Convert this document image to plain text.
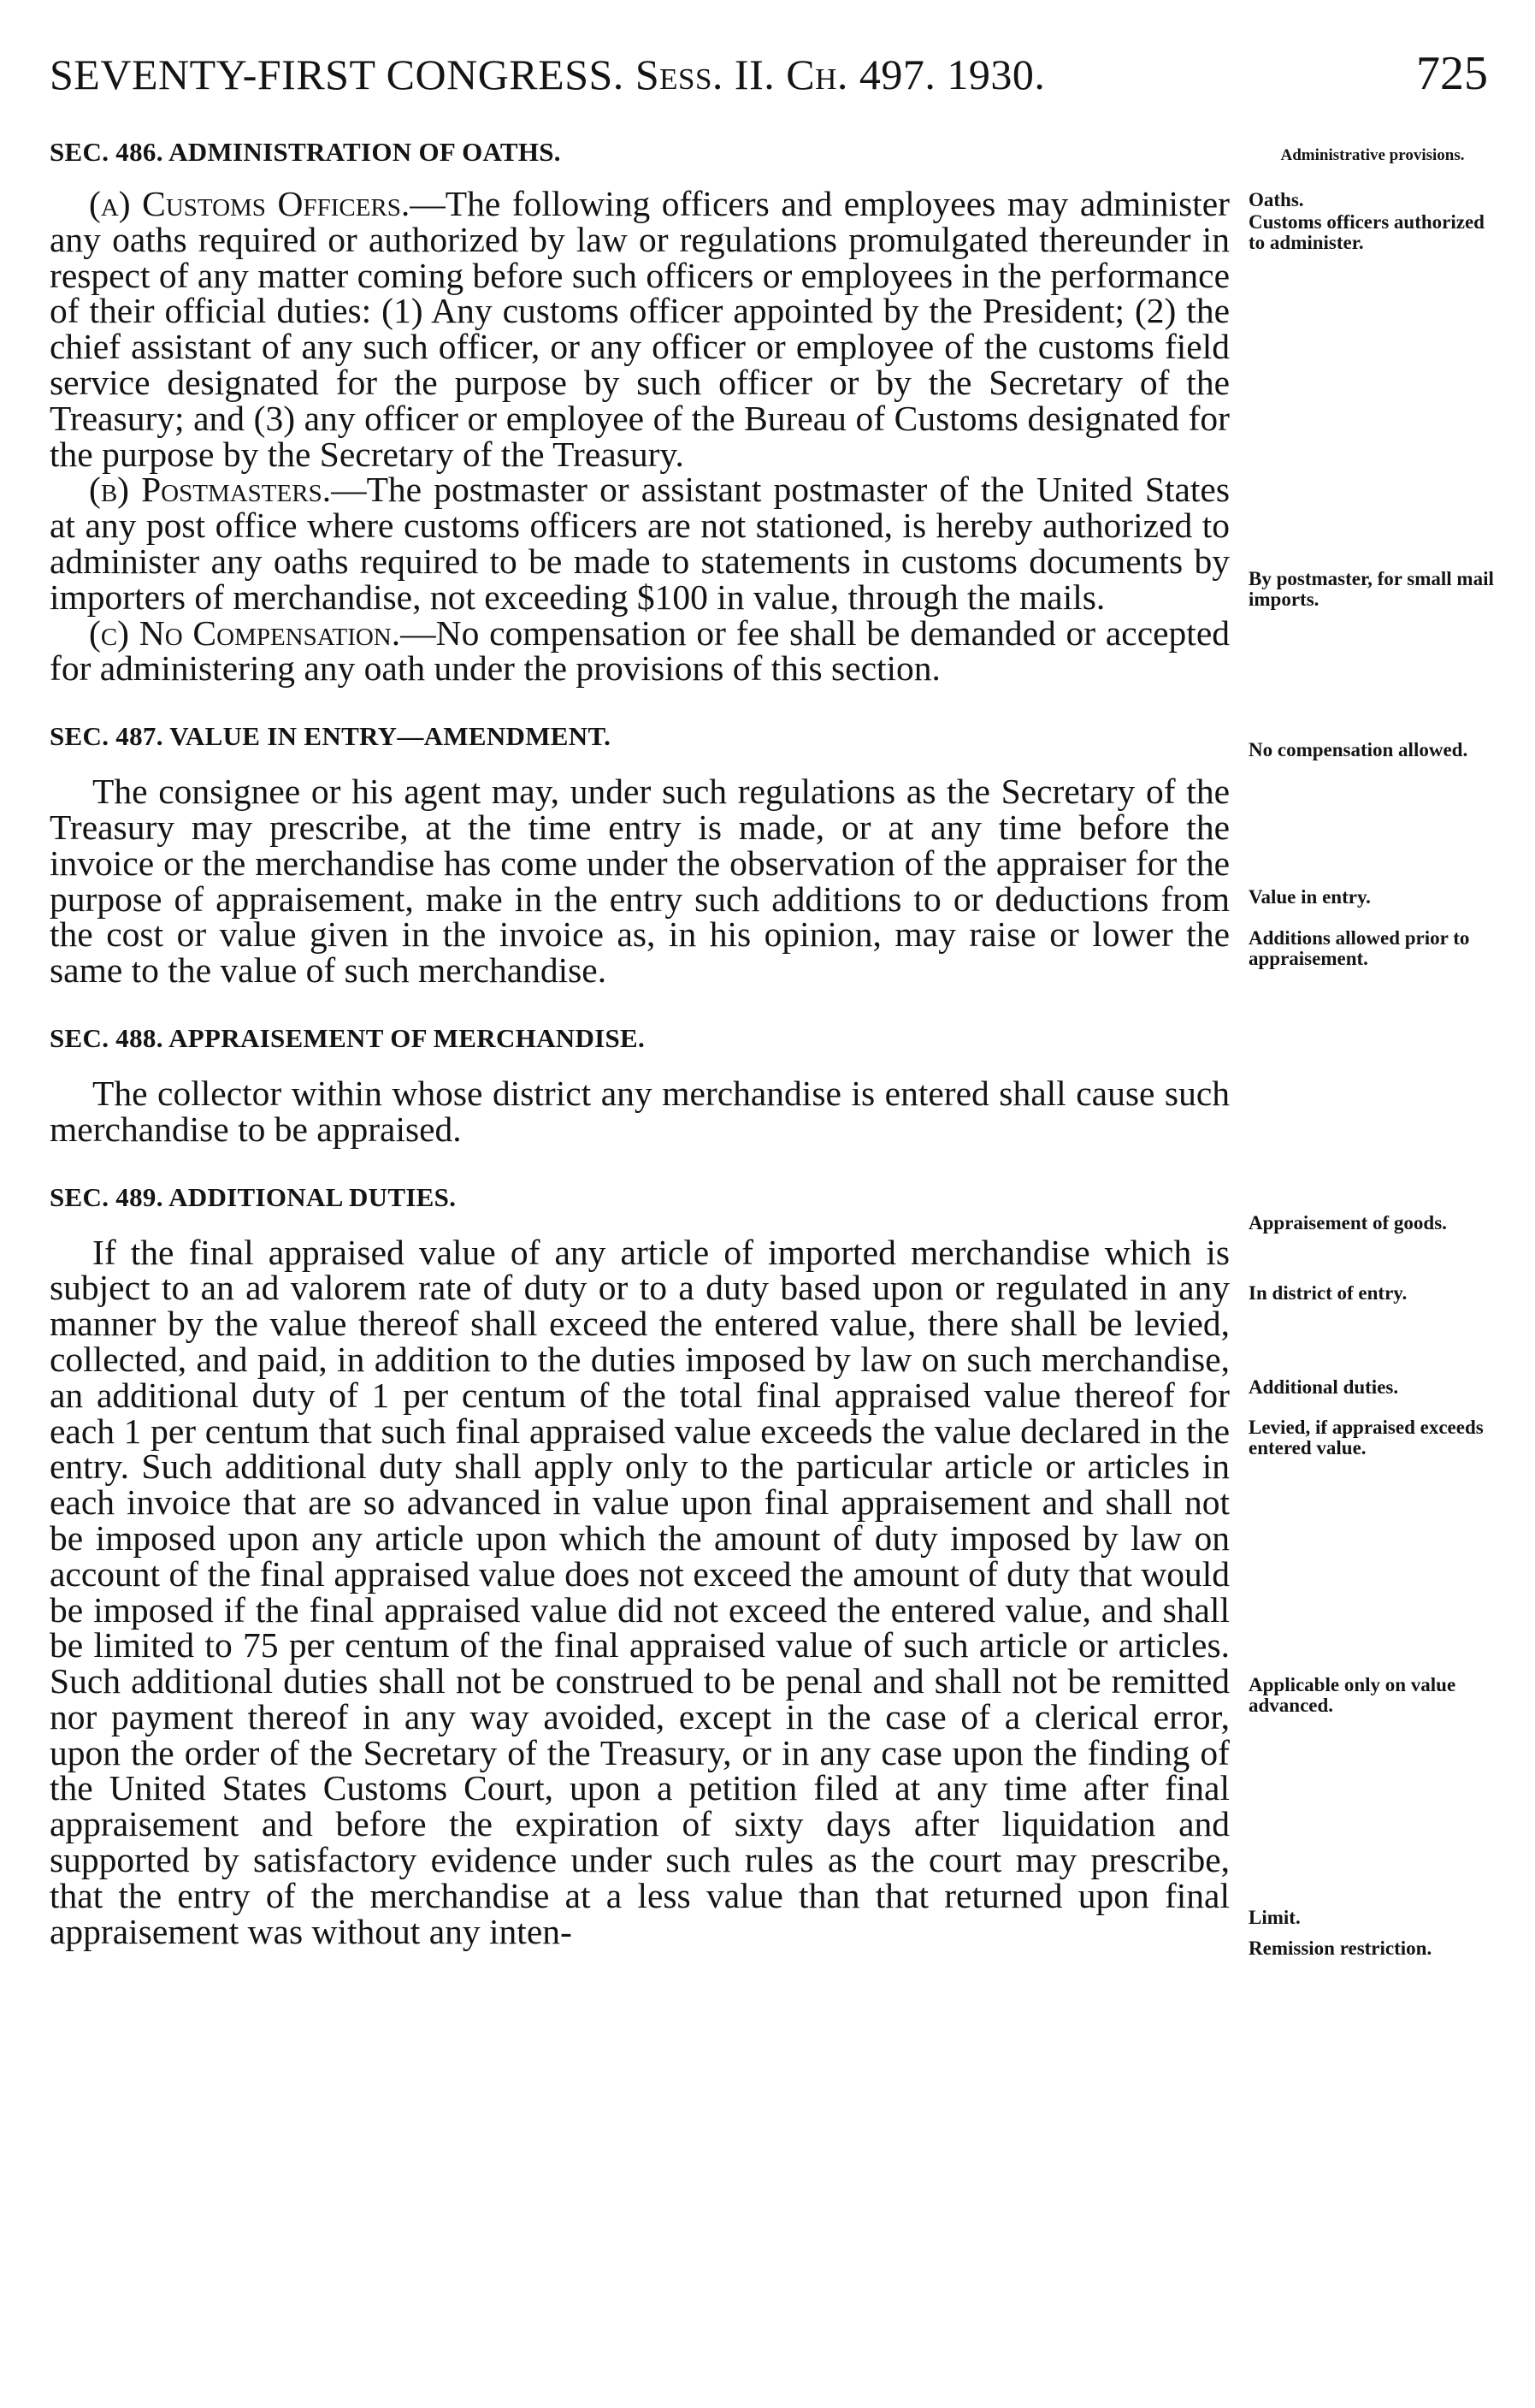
SEVENTY-FIRST CONGRESS. Sess. II. Ch. 497. 1930.	725
SEC. 486. ADMINISTRATION OF OATHS.

(a) Customs Officers.—The following officers and employees may administer any oaths required or authorized by law or regulations promulgated thereunder in respect of any matter coming before such officers or employees in the performance of their official duties: (1) Any customs officer appointed by the President; (2) the chief assistant of any such officer, or any officer or employee of the customs field service designated for the purpose by such officer or by the Secretary of the Treasury; and (3) any officer or employee of the Bureau of Customs designated for the purpose by the Secretary of the Treasury.

(b) Postmasters.—The postmaster or assistant postmaster of the United States at any post office where customs officers are not stationed, is hereby authorized to administer any oaths required to be made to statements in customs documents by importers of merchandise, not exceeding $100 in value, through the mails.

(c) No Compensation.—No compensation or fee shall be demanded or accepted for administering any oath under the provisions of this section.

SEC. 487. VALUE IN ENTRY—AMENDMENT.

The consignee or his agent may, under such regulations as the Secretary of the Treasury may prescribe, at the time entry is made, or at any time before the invoice or the merchandise has come under the observation of the appraiser for the purpose of appraisement, make in the entry such additions to or deductions from the cost or value given in the invoice as, in his opinion, may raise or lower the same to the value of such merchandise.

SEC. 488. APPRAISEMENT OF MERCHANDISE.

The collector within whose district any merchandise is entered shall cause such merchandise to be appraised.

SEC. 489. ADDITIONAL DUTIES.

If the final appraised value of any article of imported merchandise which is subject to an ad valorem rate of duty or to a duty based upon or regulated in any manner by the value thereof shall exceed the entered value, there shall be levied, collected, and paid, in addition to the duties imposed by law on such merchandise, an additional duty of 1 per centum of the total final appraised value thereof for each 1 per centum that such final appraised value exceeds the value declared in the entry. Such additional duty shall apply only to the particular article or articles in each invoice that are so advanced in value upon final appraisement and shall not be imposed upon any article upon which the amount of duty imposed by law on account of the final appraised value does not exceed the amount of duty that would be imposed if the final appraised value did not exceed the entered value, and shall be limited to 75 per centum of the final appraised value of such article or articles. Such additional duties shall not be construed to be penal and shall not be remitted nor payment thereof in any way avoided, except in the case of a clerical error, upon the order of the Secretary of the Treasury, or in any case upon the finding of the United States Customs Court, upon a petition filed at any time after final appraisement and before the expiration of sixty days after liquidation and supported by satisfactory evidence under such rules as the court may prescribe, that the entry of the merchandise at a less value than that returned upon final appraisement was without any inten-

Administrative provisions.
Oaths.
Customs officers authorized to administer.
By postmaster, for small mail imports.
No compensation allowed.
Value in entry.
Additions allowed prior to appraisement.
Appraisement of goods.
In district of entry.
Additional duties.
Levied, if appraised exceeds entered value.
Applicable only on value advanced.
Limit.
Remission restriction.
